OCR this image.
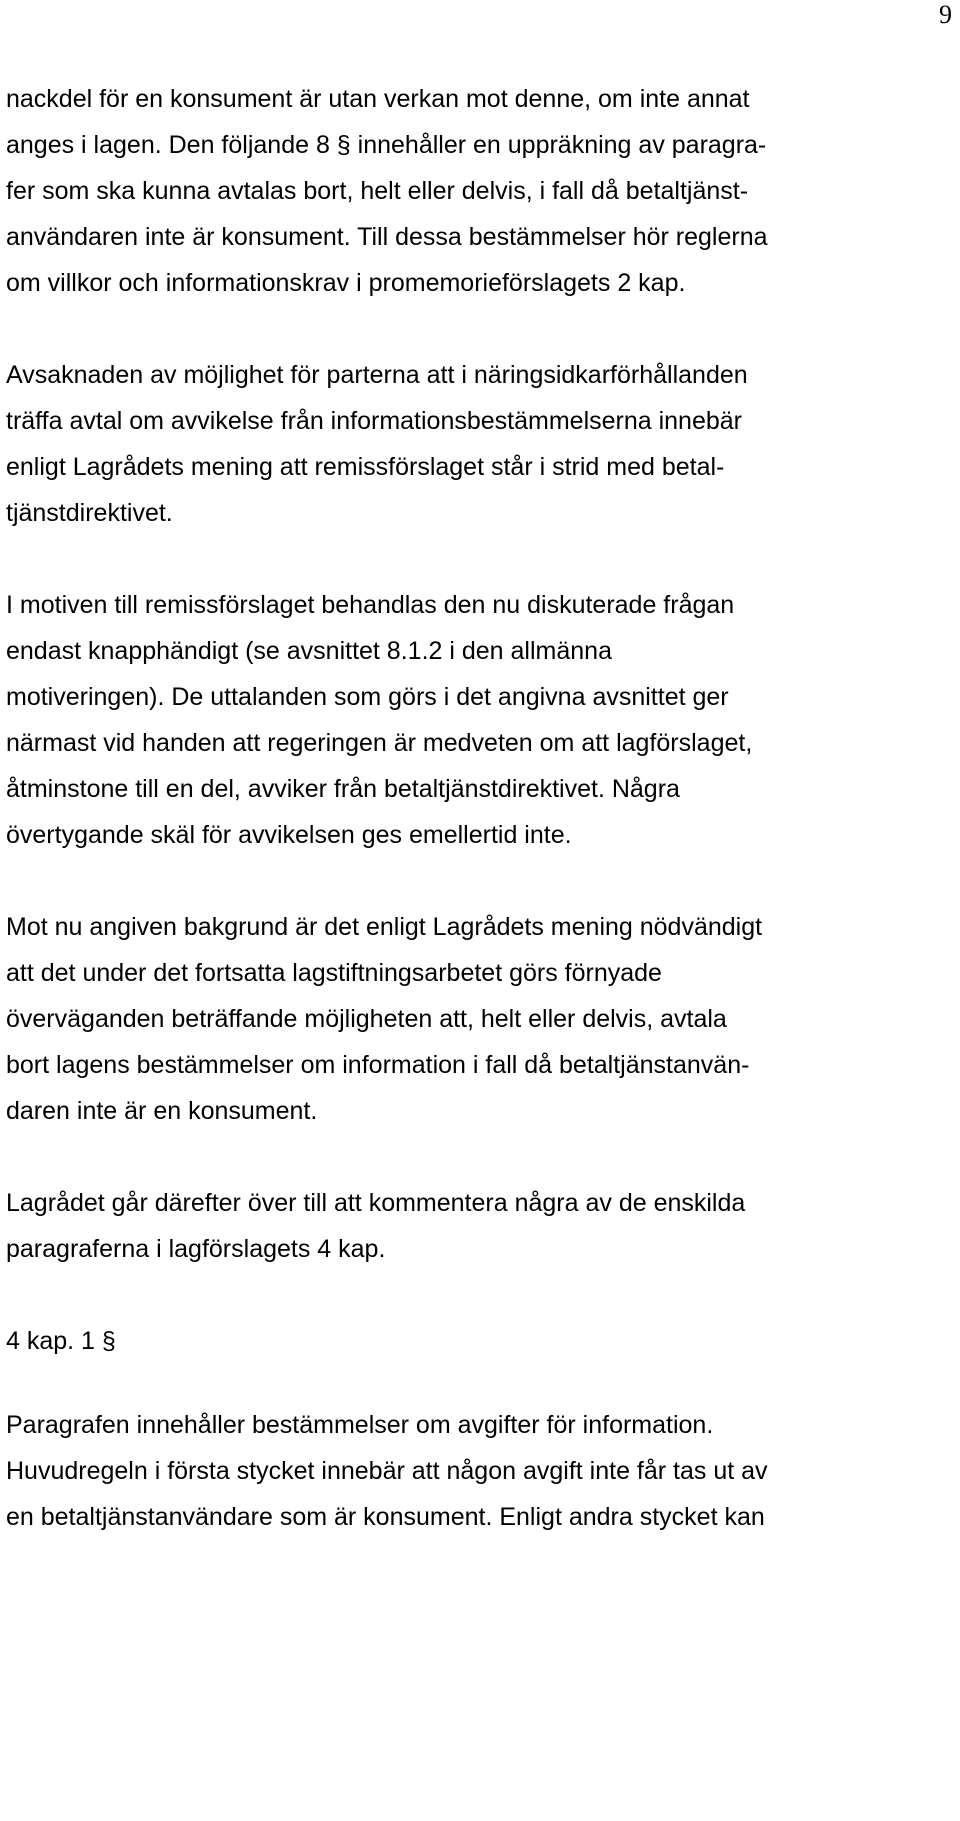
9
nackdel för en konsument är utan verkan mot denne, om inte annat
anges i lagen. Den följande 8 § innehåller en uppräkning av paragra-
fer som ska kunna avtalas bort, helt eller delvis, i fall då betaltjänst-
användaren inte är konsument. Till dessa bestämmelser hör reglerna
om villkor och informationskrav i promemorieförslagets 2 kap.
Avsaknaden av möjlighet för parterna att i näringsidkarförhållanden
träffa avtal om avvikelse från informationsbestämmelserna innebär
enligt Lagrådets mening att remissförslaget står i strid med betal-
tjänstdirektivet.
I motiven till remissförslaget behandlas den nu diskuterade frågan
endast knapphändigt (se avsnittet 8.1.2 i den allmänna
motiveringen). De uttalanden som görs i det angivna avsnittet ger
närmast vid handen att regeringen är medveten om att lagförslaget,
åtminstone till en del, avviker från betaltjänstdirektivet. Några
övertygande skäl för avvikelsen ges emellertid inte.
Mot nu angiven bakgrund är det enligt Lagrådets mening nödvändigt
att det under det fortsatta lagstiftningsarbetet görs förnyade
överväganden beträffande möjligheten att, helt eller delvis, avtala
bort lagens bestämmelser om information i fall då betaltjänstanvän-
daren inte är en konsument.
Lagrådet går därefter över till att kommentera några av de enskilda
paragraferna i lagförslagets 4 kap.
4 kap. 1 §
Paragrafen innehåller bestämmelser om avgifter för information.
Huvudregeln i första stycket innebär att någon avgift inte får tas ut av
en betaltjänstanvändare som är konsument. Enligt andra stycket kan
